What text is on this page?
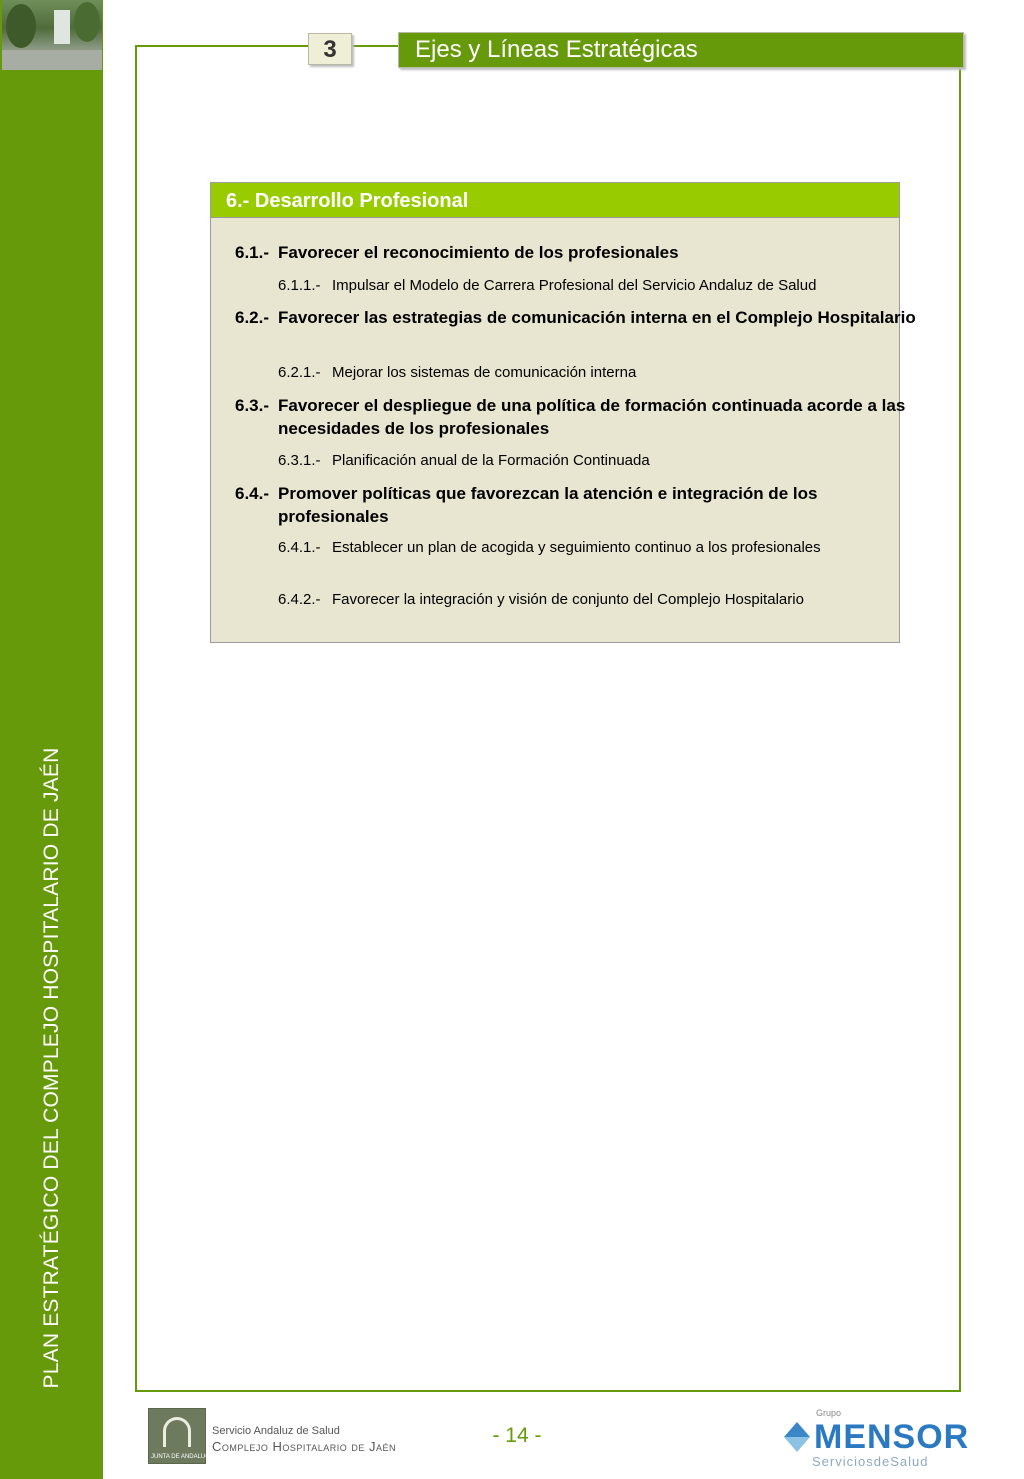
PLAN ESTRATÉGICO DEL COMPLEJO HOSPITALARIO DE JAÉN
3	Ejes y Líneas Estratégicas
6.- Desarrollo Profesional
6.1.- Favorecer el reconocimiento de los profesionales
6.1.1.- Impulsar el Modelo de Carrera Profesional del Servicio Andaluz de Salud
6.2.- Favorecer las estrategias de comunicación interna en el Complejo Hospitalario
6.2.1.- Mejorar los sistemas de comunicación interna
6.3.- Favorecer el despliegue de una política de formación continuada acorde a las necesidades de los profesionales
6.3.1.- Planificación anual de la Formación Continuada
6.4.- Promover políticas que favorezcan la atención e integración de los profesionales
6.4.1.- Establecer un plan de acogida y seguimiento continuo a los profesionales
6.4.2.- Favorecer la integración y visión de conjunto del Complejo Hospitalario
JUNTA DE ANDALUCIA
Servicio Andaluz de Salud
Complejo Hospitalario de Jaén	- 14 -
Grupo
MENSOR
ServiciosdeSalud
